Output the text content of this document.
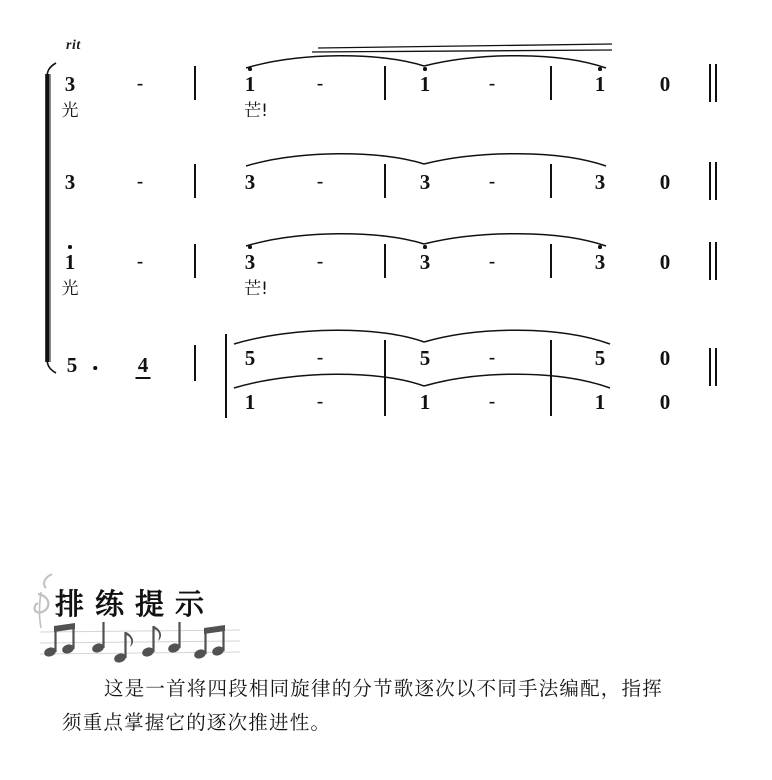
rit
3	-	1	-	1	-	1	0
光	芒!
3	-	3	-	3	-	3	0
1	-	3	-	3	-	3	0
光	芒!
5	4	5	-	5	-	5	0
1	-	1	-	1	0
排练提示
这是一首将四段相同旋律的分节歌逐次以不同手法编配，指挥须重点掌握它的逐次推进性。
